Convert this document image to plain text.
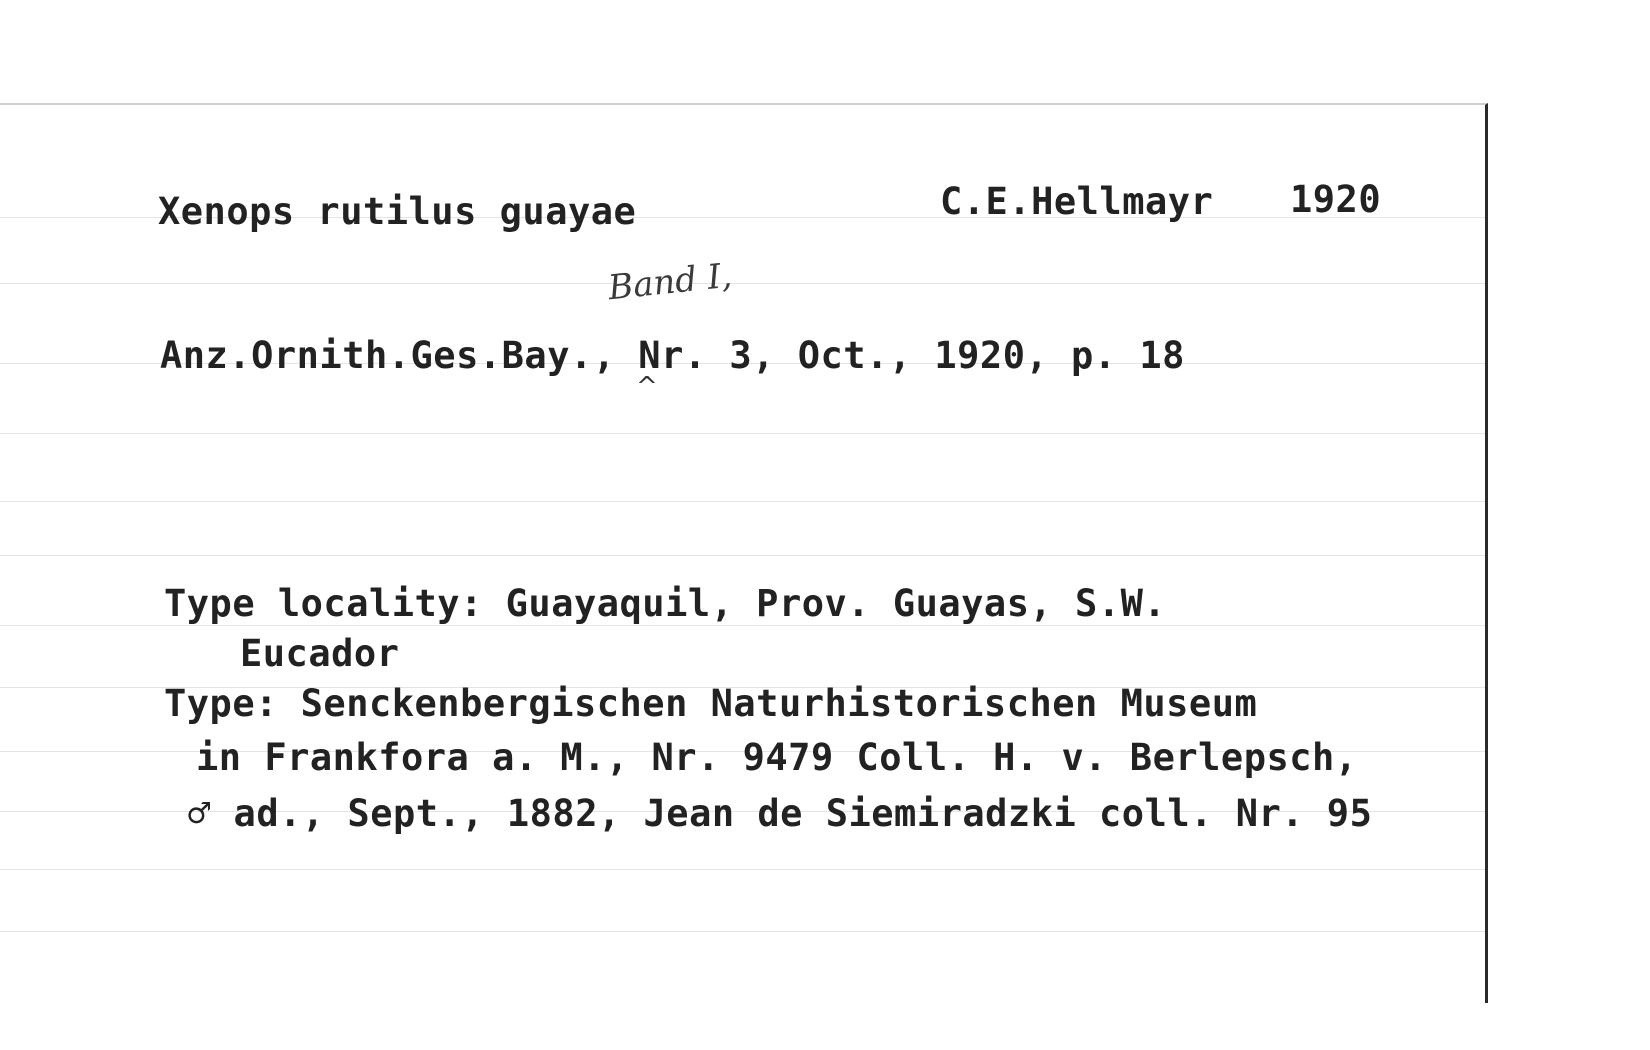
Xenops rutilus guayae	C.E.Hellmayr 1920
Band I,
^
Anz.Ornith.Ges.Bay., Nr. 3, Oct., 1920, p. 18
Type locality: Guayaquil, Prov. Guayas, S.W.
Eucador
Type: Senckenbergischen Naturhistorischen Museum
in Frankfora a. M., Nr. 9479 Coll. H. v. Berlepsch,
♂ ad., Sept., 1882, Jean de Siemiradzki coll. Nr. 95
